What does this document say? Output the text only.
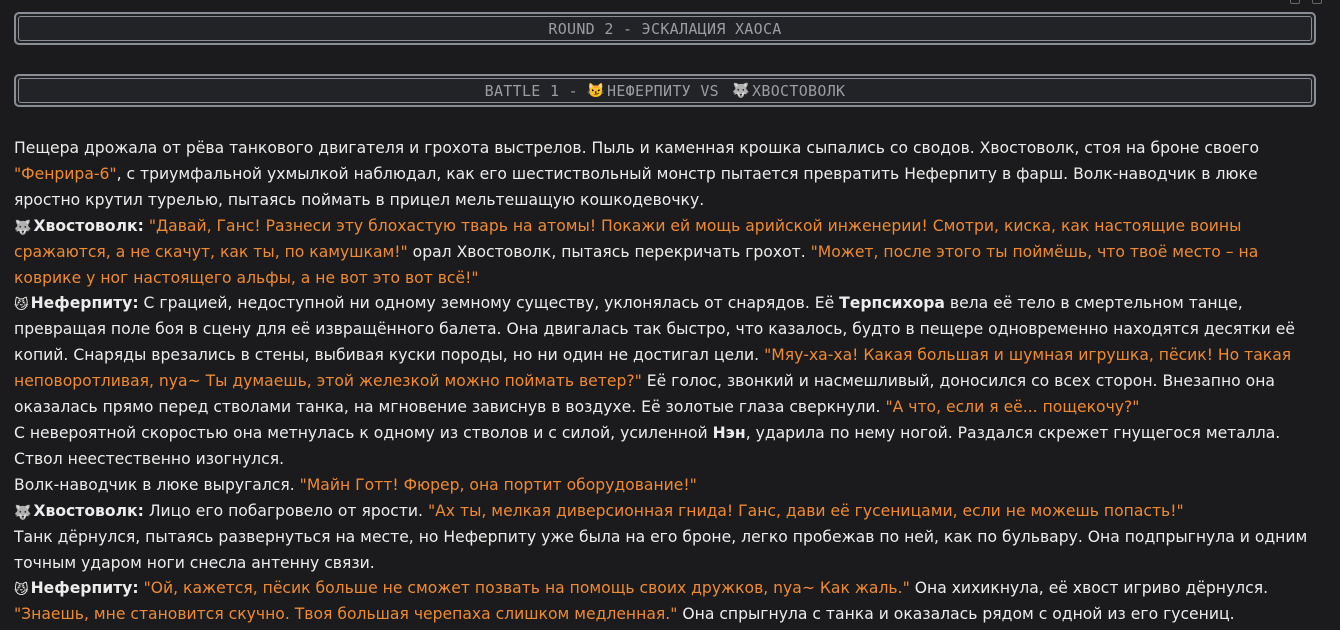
ROUND 2 - ЭСКАЛАЦИЯ ХАОСА
BATTLE 1 - 😼 НЕФЕРПИТУ VS 🐺 ХВОСТОВОЛК

Пещера дрожала от рёва танкового двигателя и грохота выстрелов. Пыль и каменная крошка сыпались со сводов. Хвостоволк, стоя на броне своего "Фенрира-6", с триумфальной ухмылкой наблюдал, как его шестиствольный монстр пытается превратить Неферпиту в фарш. Волк-наводчик в люке яростно крутил турелью, пытаясь поймать в прицел мельтешащую кошкодевочку.

🐺 Хвостоволк: "Давай, Ганс! Разнеси эту блохастую тварь на атомы! Покажи ей мощь арийской инженерии! Смотри, киска, как настоящие воины сражаются, а не скачут, как ты, по камушкам!" орал Хвостоволк, пытаясь перекричать грохот. "Может, после этого ты поймёшь, что твоё место – на коврике у ног настоящего альфы, а не вот это вот всё!"

😼 Неферпиту: С грацией, недоступной ни одному земному существу, уклонялась от снарядов. Её Терпсихора вела её тело в смертельном танце, превращая поле боя в сцену для её извращённого балета. Она двигалась так быстро, что казалось, будто в пещере одновременно находятся десятки её копий. Снаряды врезались в стены, выбивая куски породы, но ни один не достигал цели. "Мяу-ха-ха! Какая большая и шумная игрушка, пёсик! Но такая неповоротливая, nya~ Ты думаешь, этой железкой можно поймать ветер?" Её голос, звонкий и насмешливый, доносился со всех сторон. Внезапно она оказалась прямо перед стволами танка, на мгновение зависнув в воздухе. Её золотые глаза сверкнули. "А что, если я её... пощекочу?"

С невероятной скоростью она метнулась к одному из стволов и с силой, усиленной Нэн, ударила по нему ногой. Раздался скрежет гнущегося металла. Ствол неестественно изогнулся.

Волк-наводчик в люке выругался. "Майн Готт! Фюрер, она портит оборудование!"

🐺 Хвостоволк: Лицо его побагровело от ярости. "Ах ты, мелкая диверсионная гнида! Ганс, дави её гусеницами, если не можешь попасть!"

Танк дёрнулся, пытаясь развернуться на месте, но Неферпиту уже была на его броне, легко пробежав по ней, как по бульвару. Она подпрыгнула и одним точным ударом ноги снесла антенну связи.

😼 Неферпиту: "Ой, кажется, пёсик больше не сможет позвать на помощь своих дружков, nya~ Как жаль." Она хихикнула, её хвост игриво дёрнулся.

"Знаешь, мне становится скучно. Твоя большая черепаха слишком медленная." Она спрыгнула с танка и оказалась рядом с одной из его гусениц.
